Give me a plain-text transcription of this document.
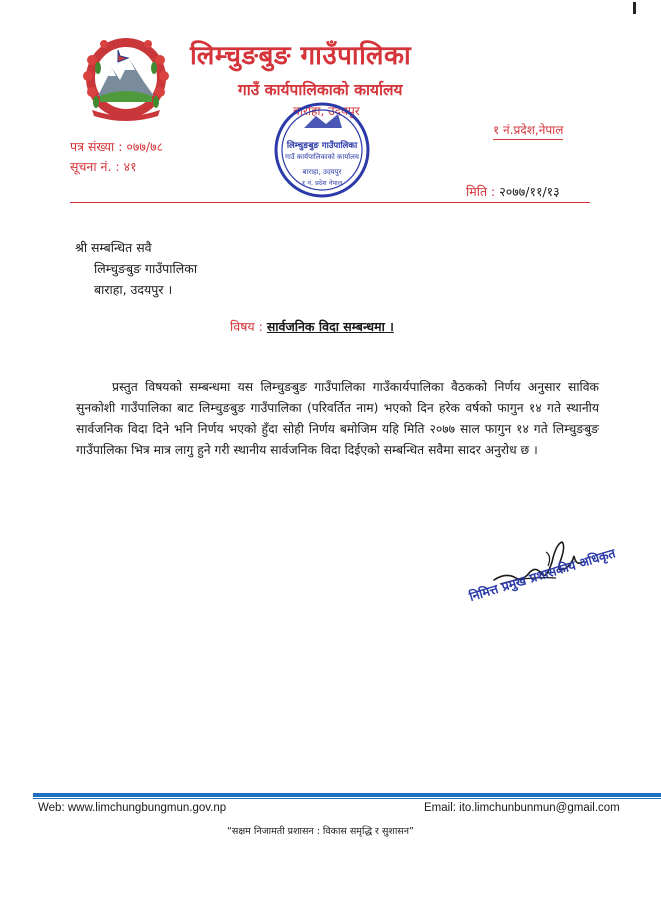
लिम्चुङबुङ गाउँपालिका
गाउँ कार्यपालिकाको कार्यालय
बाराहा, उदयपुर
१ नं.प्रदेश,नेपाल
पत्र संख्या : ०७७/७८
सूचना नं. : ४१
मिति : २०७७/११/१३
लिम्चुङबुङ गाउँपालिका
गाउँ कार्यपालिकाको कार्यालय
बाराहा, उदयपुर
१ नं. प्रदेश नेपाल
श्री सम्बन्धित सवै
लिम्चुङबुङ गाउँपालिका
बाराहा, उदयपुर ।
विषय : सार्वजनिक विदा सम्बन्धमा ।
प्रस्तुत विषयको सम्बन्धमा यस लिम्चुङबुङ गाउँपालिका गाउँकार्यपालिका वैठकको निर्णय अनुसार साविक सुनकोशी गाउँपालिका बाट लिम्चुङबुङ गाउँपालिका (परिवर्तित नाम) भएको दिन हरेक वर्षको फागुन १४ गते स्थानीय सार्वजनिक विदा दिने भनि निर्णय भएको हुँदा सोही निर्णय बमोजिम यहि मिति २०७७ साल फागुन १४ गते लिम्चुङबुङ गाउँपालिका भित्र मात्र लागु हुने गरी स्थानीय सार्वजनिक विदा दिईएको सम्बन्धित सवैमा सादर अनुरोध छ ।
निमित्त प्रमुख प्रशासकीय अधिकृत
Web: www.limchungbungmun.gov.np	Email: ito.limchunbunmun@gmail.com
“सक्षम निजामती प्रशासन : विकास समृद्धि र सुशासन”
